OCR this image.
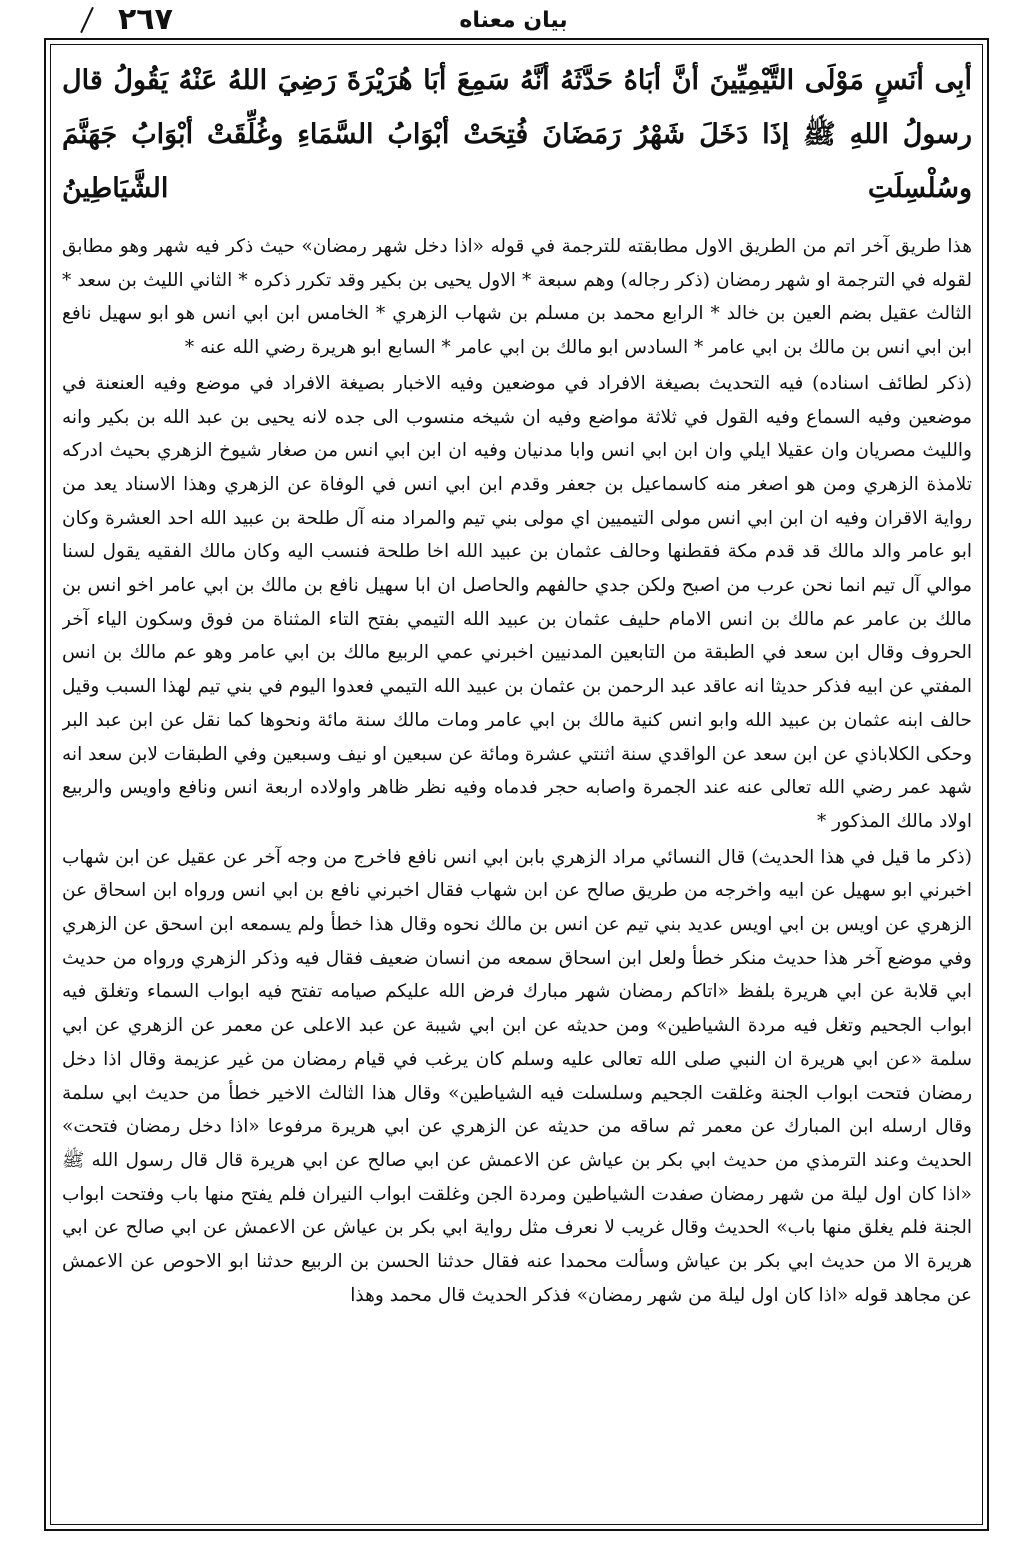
٢٦٧	بيان معناه

أبِى أنَسٍ مَوْلَى التَّيْمِيِّينَ أنَّ أبَاهُ حَدَّثَهُ أنَّهُ سَمِعَ أبَا هُرَيْرَةَ رَضِيَ اللهُ عَنْهُ يَقُولُ قال رسولُ اللهِ ﷺ إذَا دَخَلَ شَهْرُ رَمَضَانَ فُتِحَتْ أبْوَابُ السَّمَاءِ وغُلِّقَتْ أبْوَابُ جَهَنَّمَ وسُلْسِلَتِ الشَّيَاطِينُ

هذا طريق آخر اتم من الطريق الاول مطابقته للترجمة في قوله «اذا دخل شهر رمضان» حيث ذكر فيه شهر وهو مطابق لقوله في الترجمة او شهر رمضان (ذكر رجاله) وهم سبعة * الاول يحيى بن بكير وقد تكرر ذكره * الثاني الليث بن سعد * الثالث عقيل بضم العين بن خالد * الرابع محمد بن مسلم بن شهاب الزهري * الخامس ابن ابي انس هو ابو سهيل نافع ابن ابي انس بن مالك بن ابي عامر * السادس ابو مالك بن ابي عامر * السابع ابو هريرة رضي الله عنه *

(ذكر لطائف اسناده) فيه التحديث بصيغة الافراد في موضعين وفيه الاخبار بصيغة الافراد في موضع وفيه العنعنة في موضعين وفيه السماع وفيه القول في ثلاثة مواضع وفيه ان شيخه منسوب الى جده لانه يحيى بن عبد الله بن بكير وانه والليث مصريان وان عقيلا ايلي وان ابن ابي انس وابا مدنيان وفيه ان ابن ابي انس من صغار شيوخ الزهري بحيث ادركه تلامذة الزهري ومن هو اصغر منه كاسماعيل بن جعفر وقدم ابن ابي انس في الوفاة عن الزهري وهذا الاسناد يعد من رواية الاقران وفيه ان ابن ابي انس مولى التيميين اي مولى بني تيم والمراد منه آل طلحة بن عبيد الله احد العشرة وكان ابو عامر والد مالك قد قدم مكة فقطنها وحالف عثمان بن عبيد الله اخا طلحة فنسب اليه وكان مالك الفقيه يقول لسنا موالي آل تيم انما نحن عرب من اصبح ولكن جدي حالفهم والحاصل ان ابا سهيل نافع بن مالك بن ابي عامر اخو انس بن مالك بن عامر عم مالك بن انس الامام حليف عثمان بن عبيد الله التيمي بفتح التاء المثناة من فوق وسكون الياء آخر الحروف وقال ابن سعد في الطبقة من التابعين المدنيين اخبرني عمي الربيع مالك بن ابي عامر وهو عم مالك بن انس المفتي عن ابيه فذكر حديثا انه عاقد عبد الرحمن بن عثمان بن عبيد الله التيمي فعدوا اليوم في بني تيم لهذا السبب وقيل حالف ابنه عثمان بن عبيد الله وابو انس كنية مالك بن ابي عامر ومات مالك سنة مائة ونحوها كما نقل عن ابن عبد البر وحكى الكلاباذي عن ابن سعد عن الواقدي سنة اثنتي عشرة ومائة عن سبعين او نيف وسبعين وفي الطبقات لابن سعد انه شهد عمر رضي الله تعالى عنه عند الجمرة واصابه حجر فدماه وفيه نظر ظاهر واولاده اربعة انس ونافع واويس والربيع اولاد مالك المذكور *

(ذكر ما قيل في هذا الحديث) قال النسائي مراد الزهري بابن ابي انس نافع فاخرج من وجه آخر عن عقيل عن ابن شهاب اخبرني ابو سهيل عن ابيه واخرجه من طريق صالح عن ابن شهاب فقال اخبرني نافع بن ابي انس ورواه ابن اسحاق عن الزهري عن اويس بن ابي اويس عديد بني تيم عن انس بن مالك نحوه وقال هذا خطأ ولم يسمعه ابن اسحق عن الزهري وفي موضع آخر هذا حديث منكر خطأ ولعل ابن اسحاق سمعه من انسان ضعيف فقال فيه وذكر الزهري ورواه من حديث ابي قلابة عن ابي هريرة بلفظ «اتاكم رمضان شهر مبارك فرض الله عليكم صيامه تفتح فيه ابواب السماء وتغلق فيه ابواب الجحيم وتغل فيه مردة الشياطين» ومن حديثه عن ابن ابي شيبة عن عبد الاعلى عن معمر عن الزهري عن ابي سلمة «عن ابي هريرة ان النبي صلى الله تعالى عليه وسلم كان يرغب في قيام رمضان من غير عزيمة وقال اذا دخل رمضان فتحت ابواب الجنة وغلقت الجحيم وسلسلت فيه الشياطين» وقال هذا الثالث الاخير خطأ من حديث ابي سلمة وقال ارسله ابن المبارك عن معمر ثم ساقه من حديثه عن الزهري عن ابي هريرة مرفوعا «اذا دخل رمضان فتحت» الحديث وعند الترمذي من حديث ابي بكر بن عياش عن الاعمش عن ابي صالح عن ابي هريرة قال قال رسول الله ﷺ «اذا كان اول ليلة من شهر رمضان صفدت الشياطين ومردة الجن وغلقت ابواب النيران فلم يفتح منها باب وفتحت ابواب الجنة فلم يغلق منها باب» الحديث وقال غريب لا نعرف مثل رواية ابي بكر بن عياش عن الاعمش عن ابي صالح عن ابي هريرة الا من حديث ابي بكر بن عياش وسألت محمدا عنه فقال حدثنا الحسن بن الربيع حدثنا ابو الاحوص عن الاعمش عن مجاهد قوله «اذا كان اول ليلة من شهر رمضان» فذكر الحديث قال محمد وهذا
